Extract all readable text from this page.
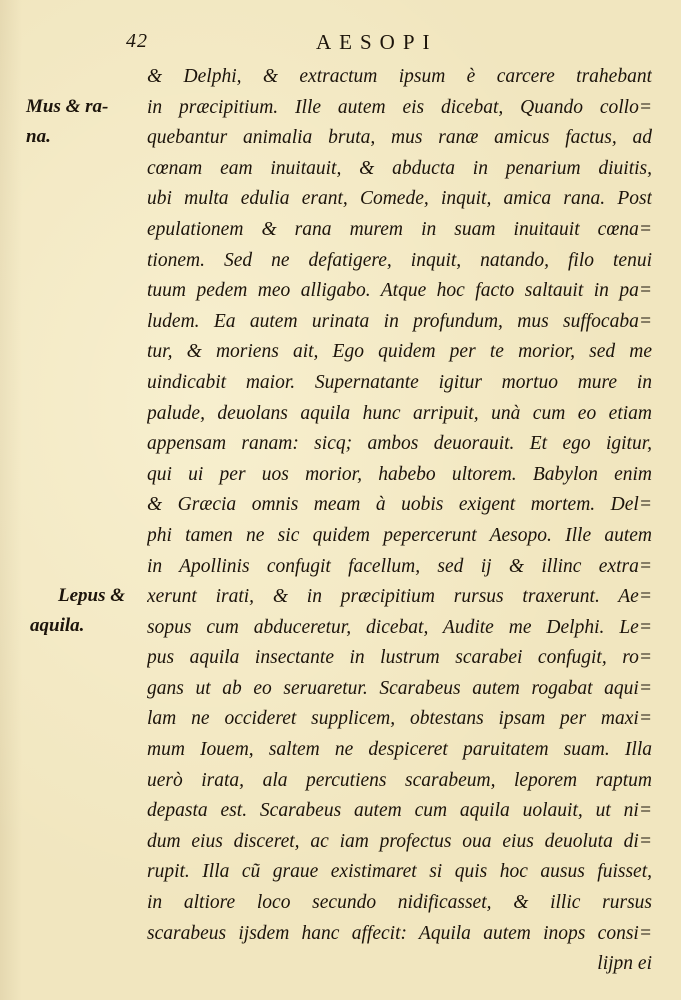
42	AESOPI
Mus & ra-
na.
Lepus &
aquila.
& Delphi, & extractum ipsum è carcere trahebant
in præcipitium. Ille autem eis dicebat, Quando collo=
quebantur animalia bruta, mus ranæ amicus factus, ad
cœnam eam inuitauit, & abducta in penarium diuitis,
ubi multa edulia erant, Comede, inquit, amica rana. Post
epulationem & rana murem in suam inuitauit cœna=
tionem. Sed ne defatigere, inquit, natando, filo tenui
tuum pedem meo alligabo. Atque hoc facto saltauit in pa=
ludem. Ea autem urinata in profundum, mus suffocaba=
tur, & moriens ait, Ego quidem per te morior, sed me
uindicabit maior. Supernatante igitur mortuo mure in
palude, deuolans aquila hunc arripuit, unà cum eo etiam
appensam ranam: sicq; ambos deuorauit. Et ego igitur,
qui ui per uos morior, habebo ultorem. Babylon enim
& Græcia omnis meam à uobis exigent mortem. Del=
phi tamen ne sic quidem pepercerunt Aesopo. Ille autem
in Apollinis confugit facellum, sed ij & illinc extra=
xerunt irati, & in præcipitium rursus traxerunt. Ae=
sopus cum abduceretur, dicebat, Audite me Delphi. Le=
pus aquila insectante in lustrum scarabei confugit, ro=
gans ut ab eo seruaretur. Scarabeus autem rogabat aqui=
lam ne occideret supplicem, obtestans ipsam per maxi=
mum Iouem, saltem ne despiceret paruitatem suam. Illa
uerò irata, ala percutiens scarabeum, leporem raptum
depasta est. Scarabeus autem cum aquila uolauit, ut ni=
dum eius disceret, ac iam profectus oua eius deuoluta di=
rupit. Illa cũ graue existimaret si quis hoc ausus fuisset,
in altiore loco secundo nidificasset, & illic rursus
scarabeus ijsdem hanc affecit: Aquila autem inops consi=
lijpn ei
